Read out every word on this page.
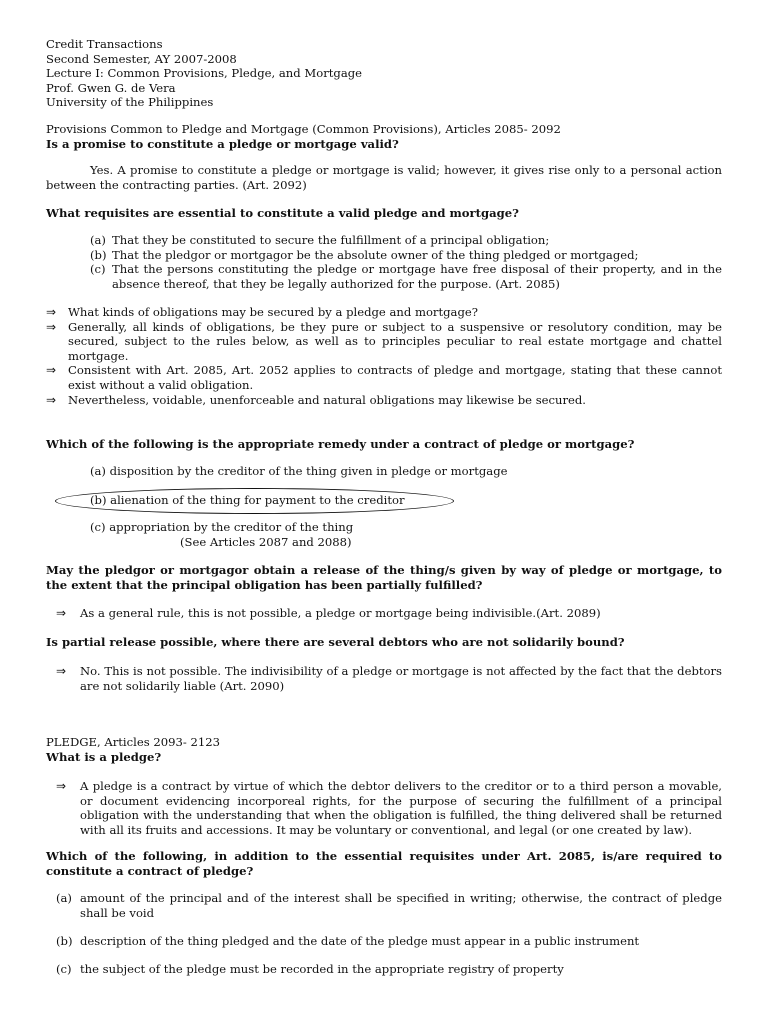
Credit Transactions
Second Semester, AY 2007-2008
Lecture I: Common Provisions, Pledge, and Mortgage
Prof. Gwen G. de Vera
University of the Philippines
Provisions Common to Pledge and Mortgage (Common Provisions), Articles 2085- 2092
Is a promise to constitute a pledge or mortgage valid?
Yes. A promise to constitute a pledge or mortgage is valid; however, it gives rise only to a personal action between the contracting parties. (Art. 2092)
What requisites are essential to constitute a valid pledge and mortgage?
(a) That they be constituted to secure the fulfillment of a principal obligation;
(b) That the pledgor or mortgagor be the absolute owner of the thing pledged or mortgaged;
(c) That the persons constituting the pledge or mortgage have free disposal of their property, and in the absence thereof, that they be legally authorized for the purpose. (Art. 2085)
⇒	What kinds of obligations may be secured by a pledge and mortgage?
⇒	Generally, all kinds of obligations, be they pure or subject to a suspensive or resolutory condition, may be secured, subject to the rules below, as well as to principles peculiar to real estate mortgage and chattel mortgage.
⇒	Consistent with Art. 2085, Art. 2052 applies to contracts of pledge and mortgage, stating that these cannot exist without a valid obligation.
⇒	Nevertheless, voidable, unenforceable and natural obligations may likewise be secured.
Which of the following is the appropriate remedy under a contract of pledge or mortgage?
(a) disposition by the creditor of the thing given in pledge or mortgage
(b) alienation of the thing for payment to the creditor
(c) appropriation by the creditor of the thing
(See Articles 2087 and 2088)
May the pledgor or mortgagor obtain a release of the thing/s given by way of pledge or mortgage, to the extent that the principal obligation has been partially fulfilled?
⇒	As a general rule, this is not possible, a pledge or mortgage being indivisible.(Art. 2089)
Is partial release possible, where there are several debtors who are not solidarily bound?
⇒	No. This is not possible. The indivisibility of a pledge or mortgage is not affected by the fact that the debtors are not solidarily liable (Art. 2090)
PLEDGE, Articles 2093- 2123
What is a pledge?
⇒	A pledge is a contract by virtue of which the debtor delivers to the creditor or to a third person a movable, or document evidencing incorporeal rights, for the purpose of securing the fulfillment of a principal obligation with the understanding that when the obligation is fulfilled, the thing delivered shall be returned with all its fruits and accessions. It may be voluntary or conventional, and legal (or one created by law).
Which of the following, in addition to the essential requisites under Art. 2085, is/are required to constitute a contract of pledge?
(a) amount of the principal and of the interest shall be specified in writing; otherwise, the contract of pledge shall be void
(b) description of the thing pledged and the date of the pledge must appear in a public instrument
(c) the subject of the pledge must be recorded in the appropriate registry of property
